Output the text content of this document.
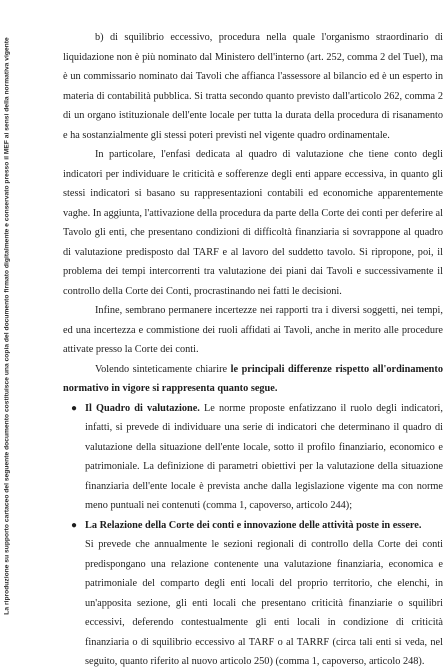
La riproduzione su supporto cartaceo del seguente documento costituisce una copia del documento firmato digitalmente e conservato presso il MEF ai sensi della normativa vigente	b) di squilibrio eccessivo, procedura nella quale l'organismo straordinario di liquidazione non è più nominato dal Ministero dell'interno (art. 252, comma 2 del Tuel), ma è un commissario nominato dai Tavoli che affianca l'assessore al bilancio ed è un esperto in materia di contabilità pubblica. Si tratta secondo quanto previsto dall'articolo 262, comma 2 di un organo istituzionale dell'ente locale per tutta la durata della procedura di risanamento e ha sostanzialmente gli stessi poteri previsti nel vigente quadro ordinamentale.

In particolare, l'enfasi dedicata al quadro di valutazione che tiene conto degli indicatori per individuare le criticità e sofferenze degli enti appare eccessiva, in quanto gli stessi indicatori si basano su rappresentazioni contabili ed economiche apparentemente vaghe. In aggiunta, l'attivazione della procedura da parte della Corte dei conti per deferire al Tavolo gli enti, che presentano condizioni di difficoltà finanziaria si sovrappone al quadro di valutazione predisposto dal TARF e al lavoro del suddetto tavolo. Si ripropone, poi, il problema dei tempi intercorrenti tra valutazione dei piani dai Tavoli e successivamente il controllo della Corte dei Conti, procrastinando nei fatti le decisioni.

Infine, sembrano permanere incertezze nei rapporti tra i diversi soggetti, nei tempi, ed una incertezza e commistione dei ruoli affidati ai Tavoli, anche in merito alle procedure attivate presso la Corte dei conti.

Volendo sinteticamente chiarire le principali differenze rispetto all'ordinamento normativo in vigore si rappresenta quanto segue.

● Il Quadro di valutazione. Le norme proposte enfatizzano il ruolo degli indicatori, infatti, si prevede di individuare una serie di indicatori che determinano il quadro di valutazione della situazione dell'ente locale, sotto il profilo finanziario, economico e patrimoniale. La definizione di parametri obiettivi per la valutazione della situazione finanziaria dell'ente locale è prevista anche dalla legislazione vigente ma con norme meno puntuali nei contenuti (comma 1, capoverso, articolo 244);

● La Relazione della Corte dei conti e innovazione delle attività poste in essere.

Si prevede che annualmente le sezioni regionali di controllo della Corte dei conti predispongano una relazione contenente una valutazione finanziaria, economica e patrimoniale del comparto degli enti locali del proprio territorio, che elenchi, in un'apposita sezione, gli enti locali che presentano criticità finanziarie o squilibri eccessivi, deferendo contestualmente gli enti locali in condizione di criticità finanziaria o di squilibrio eccessivo al TARF o al TARRF (circa tali enti si veda, nel seguito, quanto riferito al nuovo articolo 250) (comma 1, capoverso, articolo 248).
